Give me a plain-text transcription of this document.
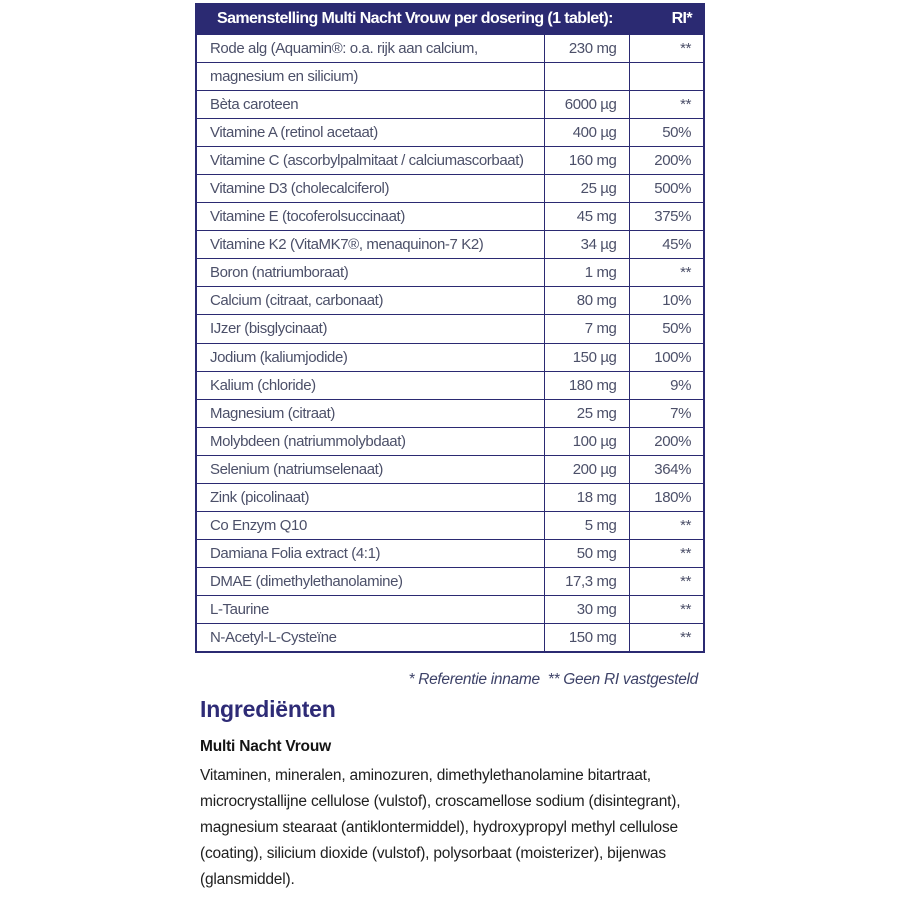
Samenstelling Multi Nacht Vrouw per dosering (1 tablet): RI*		

Rode alg (Aquamin®: o.a. rijk aan calcium,	230 mg	**
magnesium en silicium)		
Bèta caroteen	6000 µg	**
Vitamine A (retinol acetaat)	400 µg	50%
Vitamine C (ascorbylpalmitaat / calciumascorbaat)	160 mg	200%
Vitamine D3 (cholecalciferol)	25 µg	500%
Vitamine E (tocoferolsuccinaat)	45 mg	375%
Vitamine K2 (VitaMK7®, menaquinon-7 K2)	34 µg	45%
Boron (natriumboraat)	1 mg	**
Calcium (citraat, carbonaat)	80 mg	10%
IJzer (bisglycinaat)	7 mg	50%
Jodium (kaliumjodide)	150 µg	100%
Kalium (chloride)	180 mg	9%
Magnesium (citraat)	25 mg	7%
Molybdeen (natriummolybdaat)	100 µg	200%
Selenium (natriumselenaat)	200 µg	364%
Zink (picolinaat)	18 mg	180%
Co Enzym Q10	5 mg	**
Damiana Folia extract (4:1)	50 mg	**
DMAE (dimethylethanolamine)	17,3 mg	**
L-Taurine	30 mg	**
N-Acetyl-L-Cysteïne	150 mg	**
* Referentie inname  ** Geen RI vastgesteld
Ingrediënten
Multi Nacht Vrouw

Vitaminen, mineralen, aminozuren, dimethylethanolamine bitartraat, microcrystallijne cellulose (vulstof), croscamellose sodium (disintegrant), magnesium stearaat (antiklontermiddel), hydroxypropyl methyl cellulose (coating), silicium dioxide (vulstof), polysorbaat (moisterizer), bijenwas (glansmiddel).
